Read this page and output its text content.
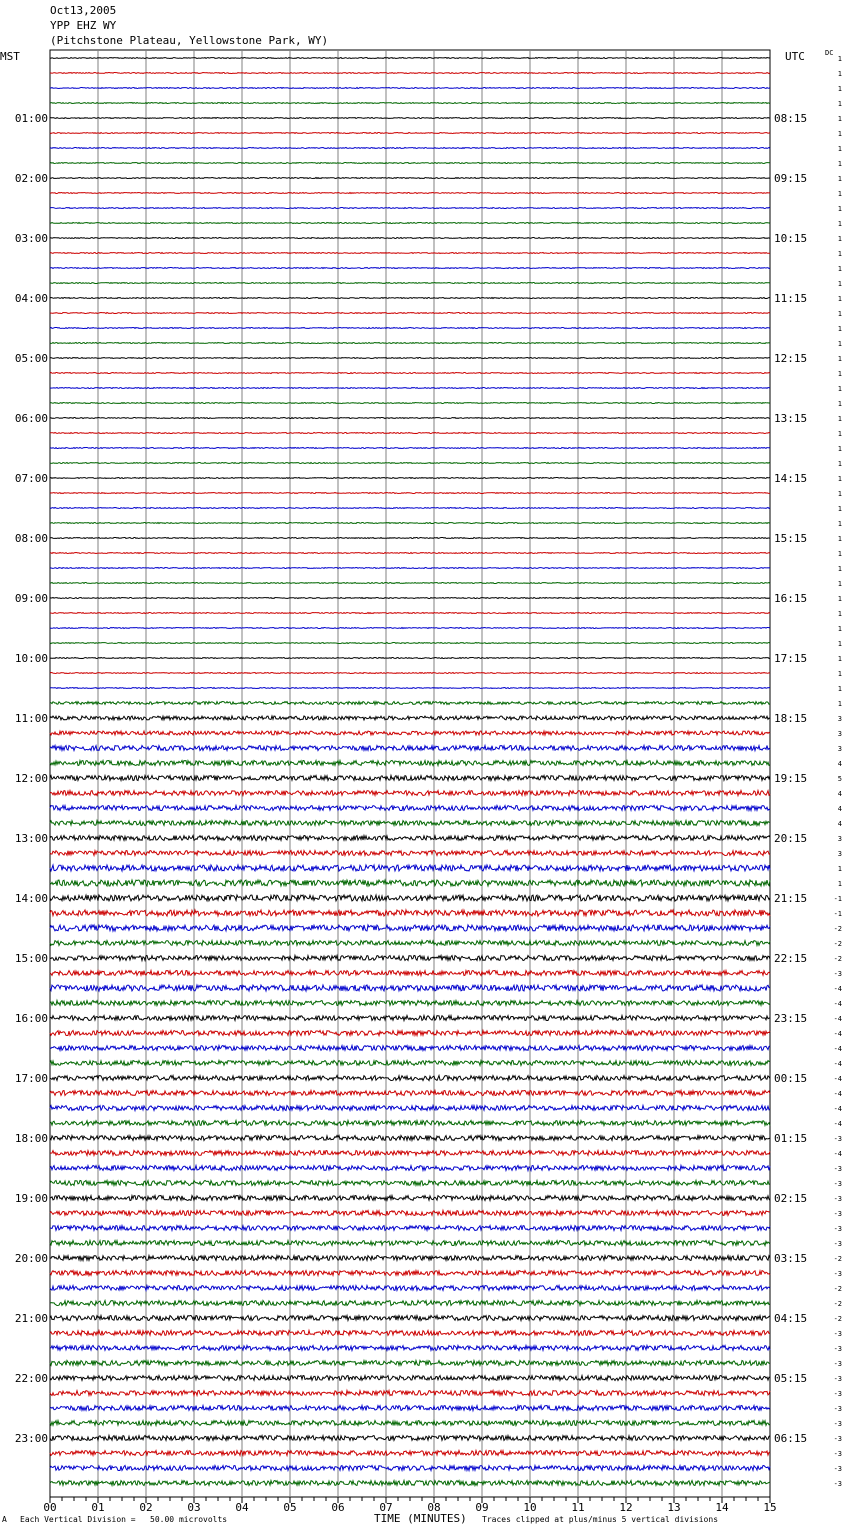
Oct13,2005
YPP EHZ WY
(Pitchstone Plateau, Yellowstone Park, WY)
MST	UTC	DC
1
1
1
1
1
1
1
1
1
1
1
1
1
1
1
1
1
1
1
1
1
1
1
1
1
1
1
1
1
1
1
1
1
1
1
1
1
1
1
1
1
1
1
1
3
3
3
4
5
4
4
4
3
3
1
1
-1
-1
-2
-2
-2
-3
-4
-4
-4
-4
-4
-4
-4
-4
-4
-4
-3
-4
-3
-3
-3
-3
-3
-3
-2
-3
-2
-2
-2
-3
-3
-3
-3
-3
-3
-3
-3
-3
-3
-3
01:00
02:00
03:00
04:00
05:00
06:00
07:00
08:00
09:00
10:00
11:00
12:00
13:00
14:00
15:00
16:00
17:00
18:00
19:00
20:00
21:00
22:00
23:00
08:15
09:15
10:15
11:15
12:15
13:15
14:15
15:15
16:15
17:15
18:15
19:15
20:15
21:15
22:15
23:15
00:15
01:15
02:15
03:15
04:15
05:15
06:15
00	01	02	03	04	05	06	07	08	09	10	11	12	13	14	15
A Each Vertical Division =   50.00 microvolts	TIME (MINUTES) Traces clipped at plus/minus 5 vertical divisions
